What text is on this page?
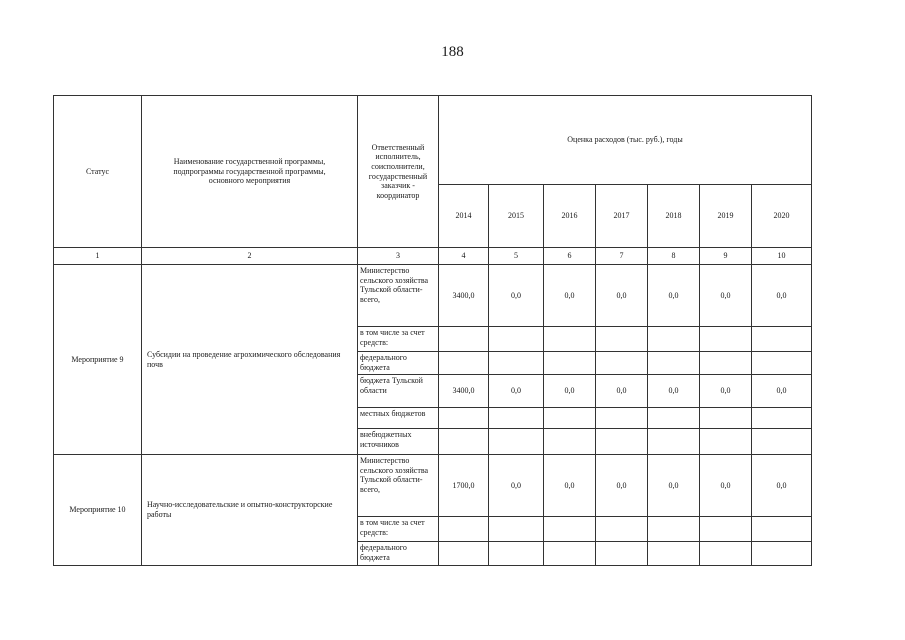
188
Статус	Наименование государственной программы, подпрограммы государственной программы, основного мероприятия	Ответственный исполнитель, соисполнители, государственный заказчик - координатор	Оценка расходов (тыс. руб.), годы						
			2014	2015	2016	2017	2018	2019	2020
1	2	3	4	5	6	7	8	9	10
Мероприятие 9	Субсидии на проведение агрохимического обследования почв	Министерство сельского хозяйства Тульской области- всего,	3400,0	0,0	0,0	0,0	0,0	0,0	0,0
		в том числе за счет средств:							
		федерального бюджета							
		бюджета Тульской области	3400,0	0,0	0,0	0,0	0,0	0,0	0,0
		местных бюджетов							
		внебюджетных источников							
Мероприятие 10	Научно-исследовательские и опытно-конструкторские работы	Министерство сельского хозяйства Тульской области- всего,	1700,0	0,0	0,0	0,0	0,0	0,0	0,0
		в том числе за счет средств:							
		федерального бюджета							
